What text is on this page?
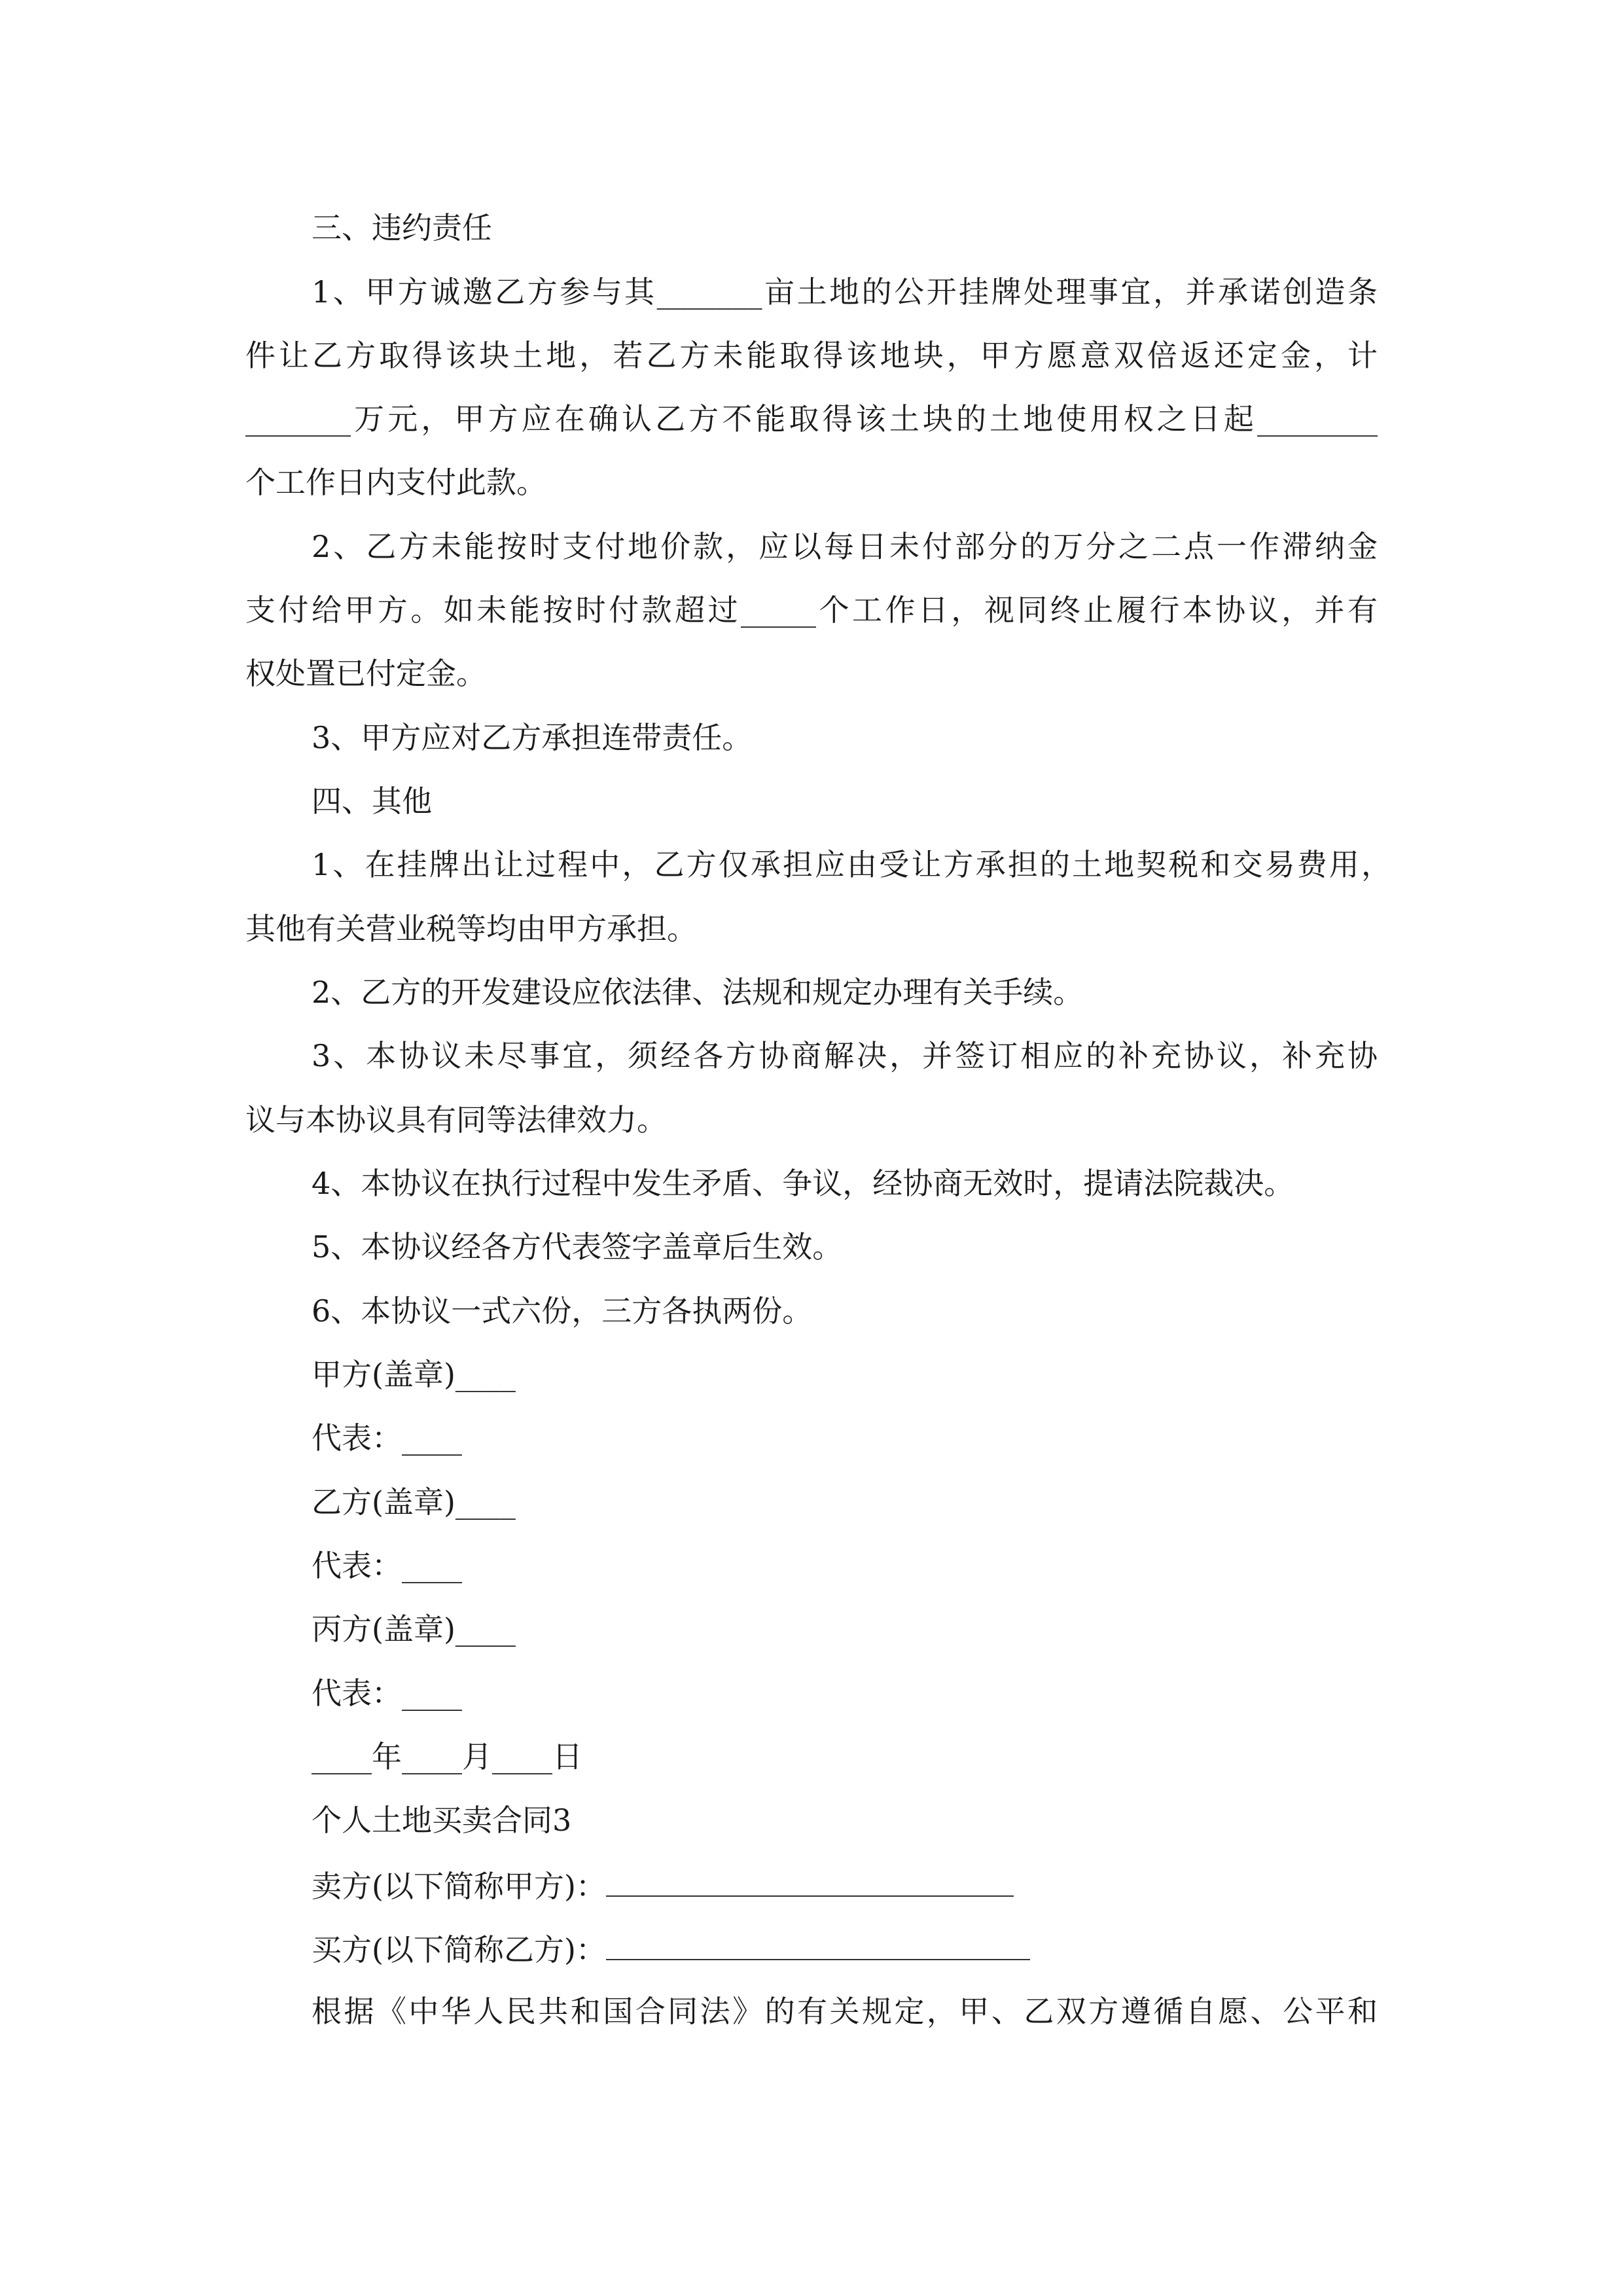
三、违约责任
1、甲方诚邀乙方参与其_______亩土地的公开挂牌处理事宜，并承诺创造条
件让乙方取得该块土地，若乙方未能取得该地块，甲方愿意双倍返还定金，计
_______万元，甲方应在确认乙方不能取得该土块的土地使用权之日起________
个工作日内支付此款。
2、乙方未能按时支付地价款，应以每日未付部分的万分之二点一作滞纳金
支付给甲方。如未能按时付款超过_____个工作日，视同终止履行本协议，并有
权处置已付定金。
3、甲方应对乙方承担连带责任。
四、其他
1、在挂牌出让过程中，乙方仅承担应由受让方承担的土地契税和交易费用，
其他有关营业税等均由甲方承担。
2、乙方的开发建设应依法律、法规和规定办理有关手续。
3、本协议未尽事宜，须经各方协商解决，并签订相应的补充协议，补充协
议与本协议具有同等法律效力。
4、本协议在执行过程中发生矛盾、争议，经协商无效时，提请法院裁决。
5、本协议经各方代表签字盖章后生效。
6、本协议一式六份，三方各执两份。
甲方(盖章)____
代表：____
乙方(盖章)____
代表：____
丙方(盖章)____
代表：____
____年____月____日
个人土地买卖合同3
卖方(以下简称甲方)：
买方(以下简称乙方)：
根据《中华人民共和国合同法》的有关规定，甲、乙双方遵循自愿、公平和
